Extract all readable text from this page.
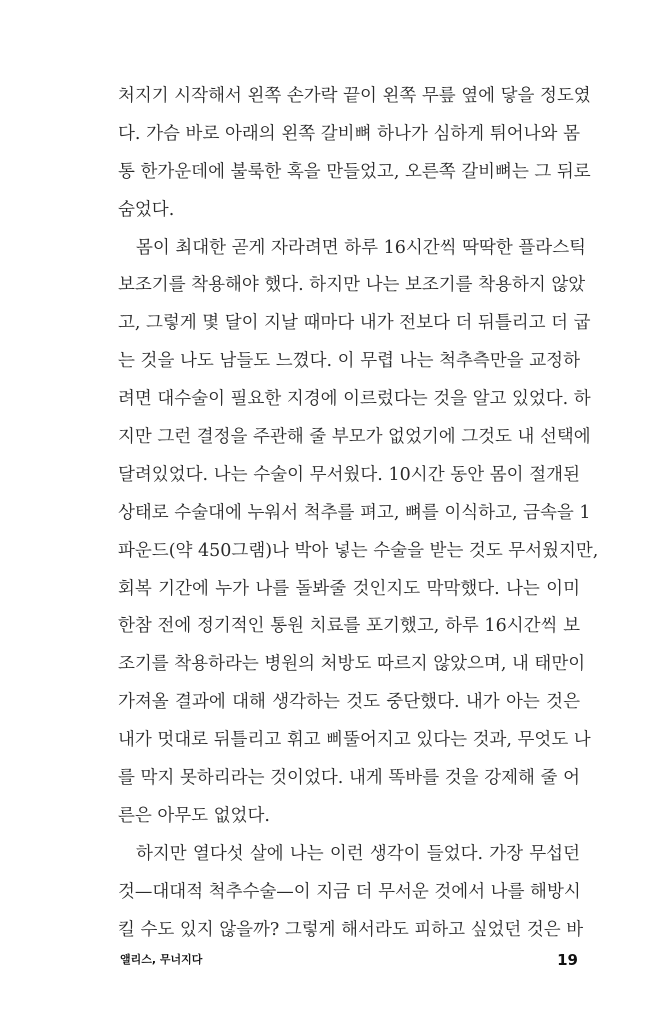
처지기 시작해서 왼쪽 손가락 끝이 왼쪽 무릎 옆에 닿을 정도였
다. 가슴 바로 아래의 왼쪽 갈비뼈 하나가 심하게 튀어나와 몸
통 한가운데에 불룩한 혹을 만들었고, 오른쪽 갈비뼈는 그 뒤로
숨었다.
몸이 최대한 곧게 자라려면 하루 16시간씩 딱딱한 플라스틱
보조기를 착용해야 했다. 하지만 나는 보조기를 착용하지 않았
고, 그렇게 몇 달이 지날 때마다 내가 전보다 더 뒤틀리고 더 굽
는 것을 나도 남들도 느꼈다. 이 무렵 나는 척추측만을 교정하
려면 대수술이 필요한 지경에 이르렀다는 것을 알고 있었다. 하
지만 그런 결정을 주관해 줄 부모가 없었기에 그것도 내 선택에
달려있었다. 나는 수술이 무서웠다. 10시간 동안 몸이 절개된
상태로 수술대에 누워서 척추를 펴고, 뼈를 이식하고, 금속을 1
파운드(약 450그램)나 박아 넣는 수술을 받는 것도 무서웠지만,
회복 기간에 누가 나를 돌봐줄 것인지도 막막했다. 나는 이미
한참 전에 정기적인 통원 치료를 포기했고, 하루 16시간씩 보
조기를 착용하라는 병원의 처방도 따르지 않았으며, 내 태만이
가져올 결과에 대해 생각하는 것도 중단했다. 내가 아는 것은
내가 멋대로 뒤틀리고 휘고 삐뚤어지고 있다는 것과, 무엇도 나
를 막지 못하리라는 것이었다. 내게 똑바를 것을 강제해 줄 어
른은 아무도 없었다.
하지만 열다섯 살에 나는 이런 생각이 들었다. 가장 무섭던
것—대대적 척추수술—이 지금 더 무서운 것에서 나를 해방시
킬 수도 있지 않을까? 그렇게 해서라도 피하고 싶었던 것은 바
앨리스, 무너지다	19
